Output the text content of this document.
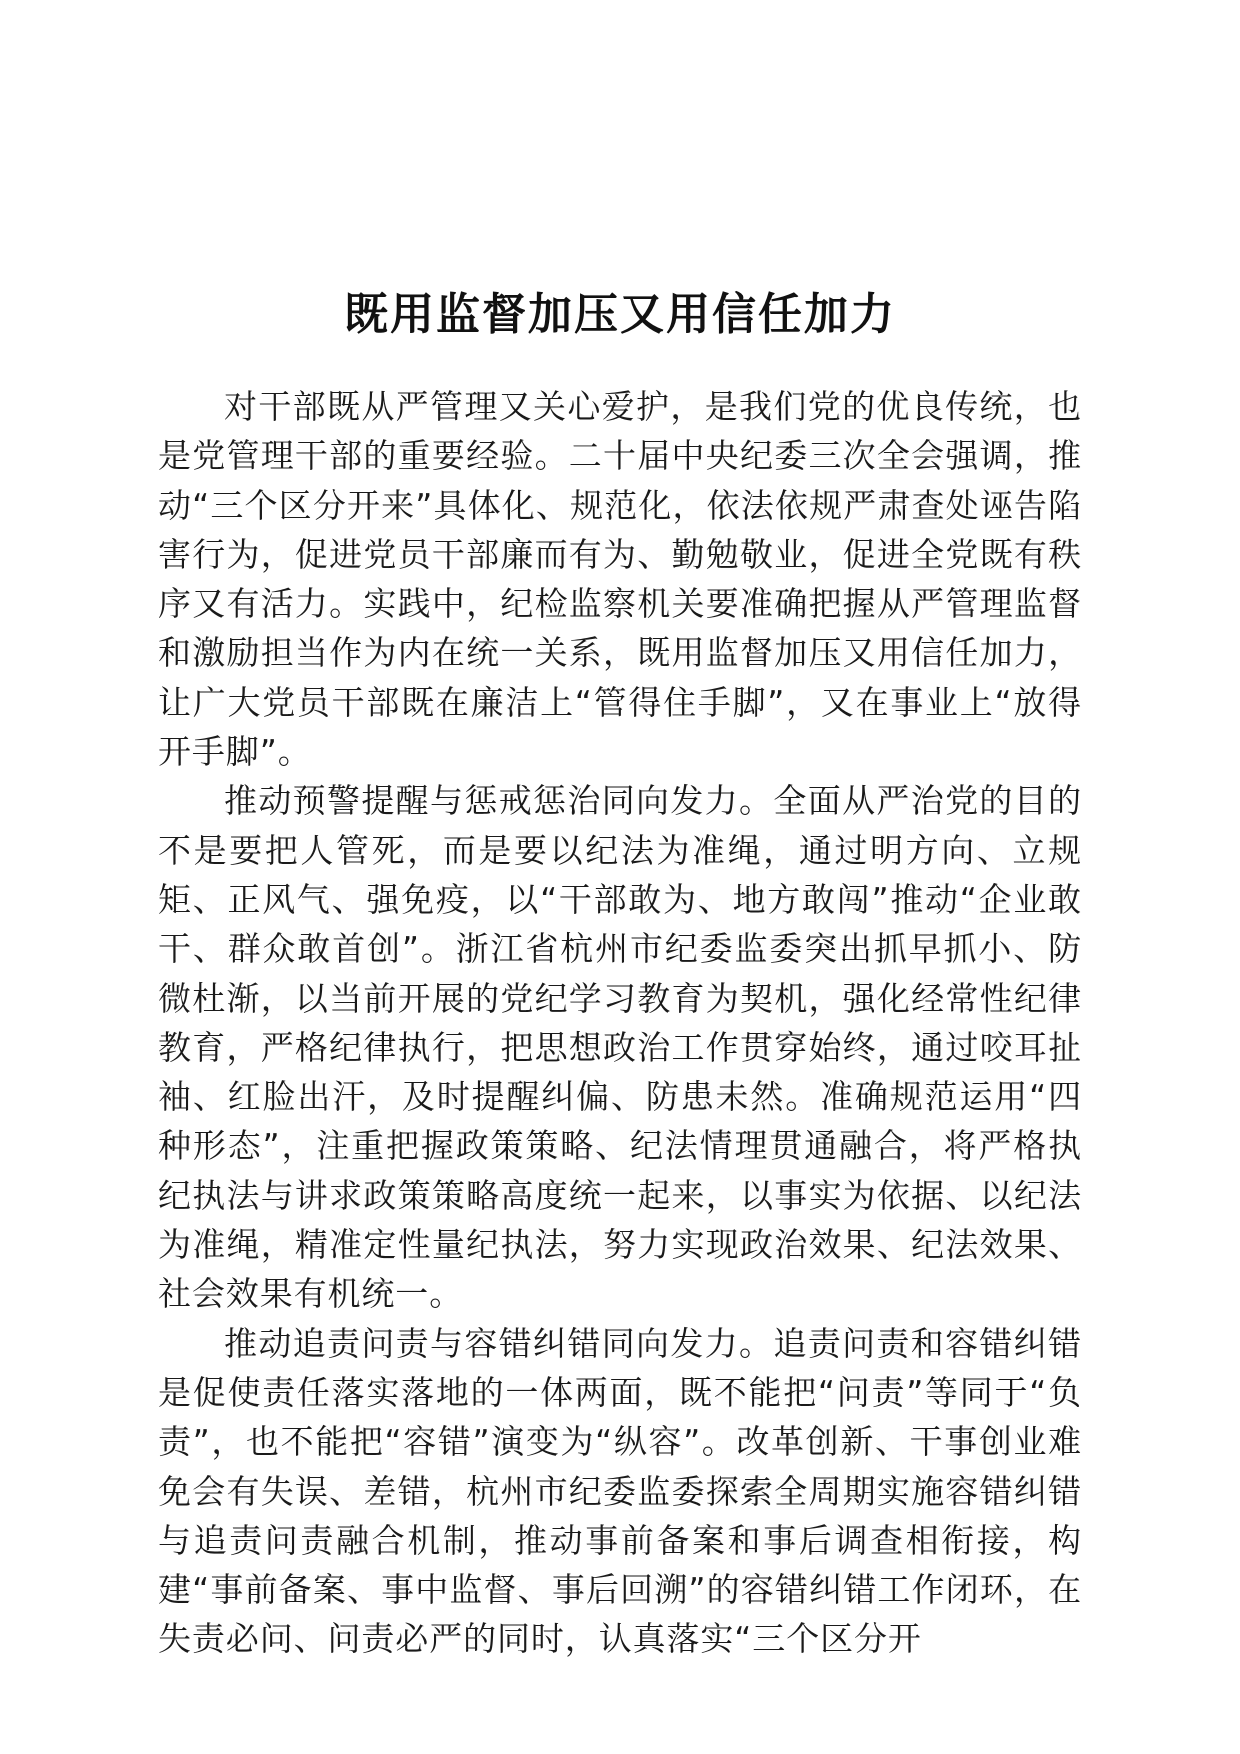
既用监督加压又用信任加力

对干部既从严管理又关心爱护，是我们党的优良传统，也是党管理干部的重要经验。二十届中央纪委三次全会强调，推动“三个区分开来”具体化、规范化，依法依规严肃查处诬告陷害行为，促进党员干部廉而有为、勤勉敬业，促进全党既有秩序又有活力。实践中，纪检监察机关要准确把握从严管理监督和激励担当作为内在统一关系，既用监督加压又用信任加力，让广大党员干部既在廉洁上“管得住手脚”，又在事业上“放得开手脚”。

推动预警提醒与惩戒惩治同向发力。全面从严治党的目的不是要把人管死，而是要以纪法为准绳，通过明方向、立规矩、正风气、强免疫，以“干部敢为、地方敢闯”推动“企业敢干、群众敢首创”。浙江省杭州市纪委监委突出抓早抓小、防微杜渐，以当前开展的党纪学习教育为契机，强化经常性纪律教育，严格纪律执行，把思想政治工作贯穿始终，通过咬耳扯袖、红脸出汗，及时提醒纠偏、防患未然。准确规范运用“四种形态”，注重把握政策策略、纪法情理贯通融合，将严格执纪执法与讲求政策策略高度统一起来，以事实为依据、以纪法为准绳，精准定性量纪执法，努力实现政治效果、纪法效果、社会效果有机统一。

推动追责问责与容错纠错同向发力。追责问责和容错纠错是促使责任落实落地的一体两面，既不能把“问责”等同于“负责”，也不能把“容错”演变为“纵容”。改革创新、干事创业难免会有失误、差错，杭州市纪委监委探索全周期实施容错纠错与追责问责融合机制，推动事前备案和事后调查相衔接，构建“事前备案、事中监督、事后回溯”的容错纠错工作闭环，在失责必问、问责必严的同时，认真落实“三个区分开
